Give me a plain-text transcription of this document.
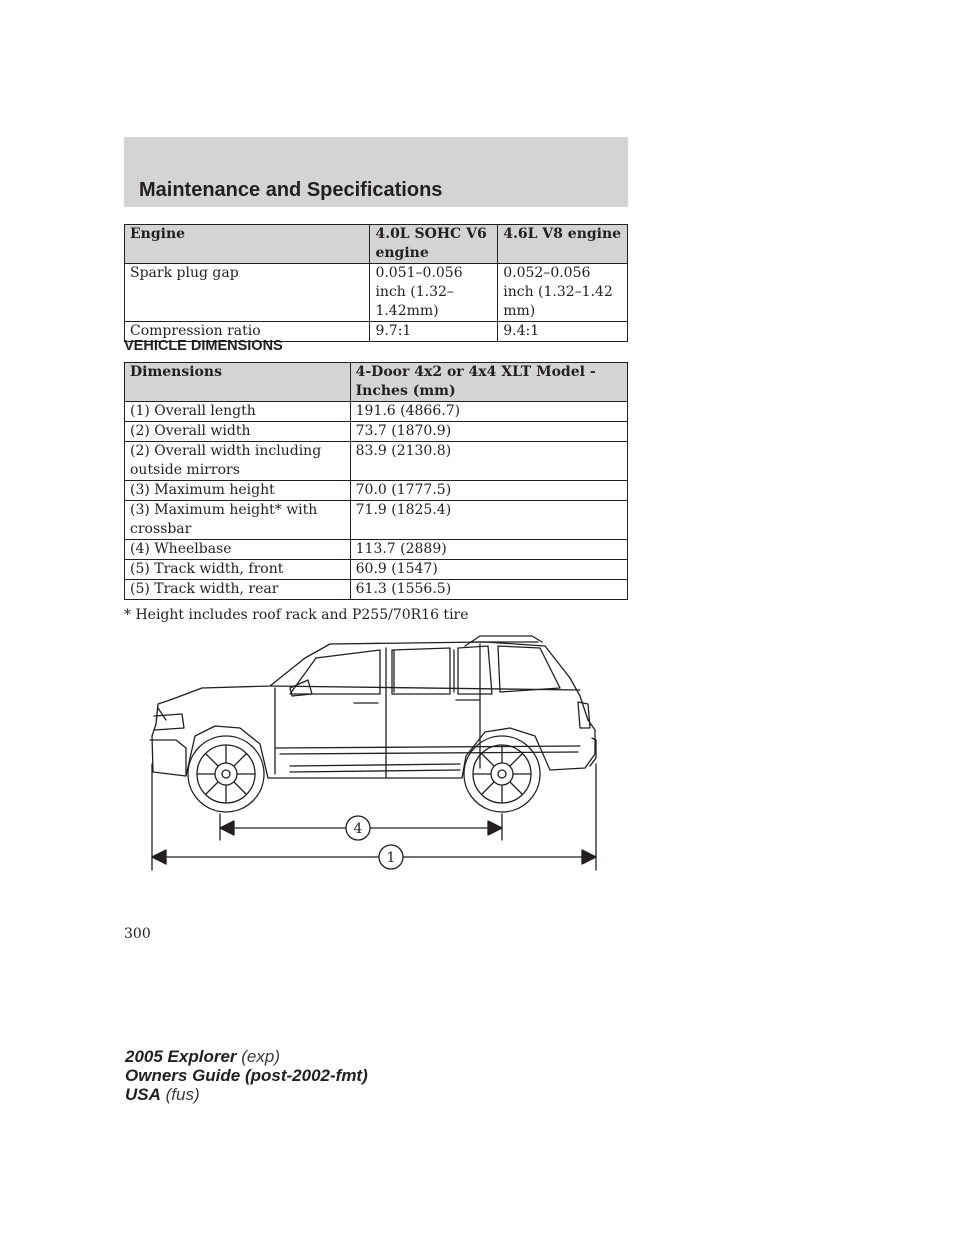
Maintenance and Specifications
Engine	4.0L SOHC V6 engine	4.6L V8 engine
Spark plug gap	0.051–0.056 inch (1.32–1.42mm)	0.052–0.056 inch (1.32–1.42 mm)
Compression ratio	9.7:1	9.4:1
VEHICLE DIMENSIONS
Dimensions	4-Door 4x2 or 4x4 XLT Model - Inches (mm)
(1) Overall length	191.6 (4866.7)
(2) Overall width	73.7 (1870.9)
(2) Overall width including outside mirrors	83.9 (2130.8)
(3) Maximum height	70.0 (1777.5)
(3) Maximum height* with crossbar	71.9 (1825.4)
(4) Wheelbase	113.7 (2889)
(5) Track width, front	60.9 (1547)
(5) Track width, rear	61.3 (1556.5)

* Height includes roof rack and P255/70R16 tire

4
1

300

2005 Explorer (exp)
Owners Guide (post-2002-fmt)
USA (fus)
